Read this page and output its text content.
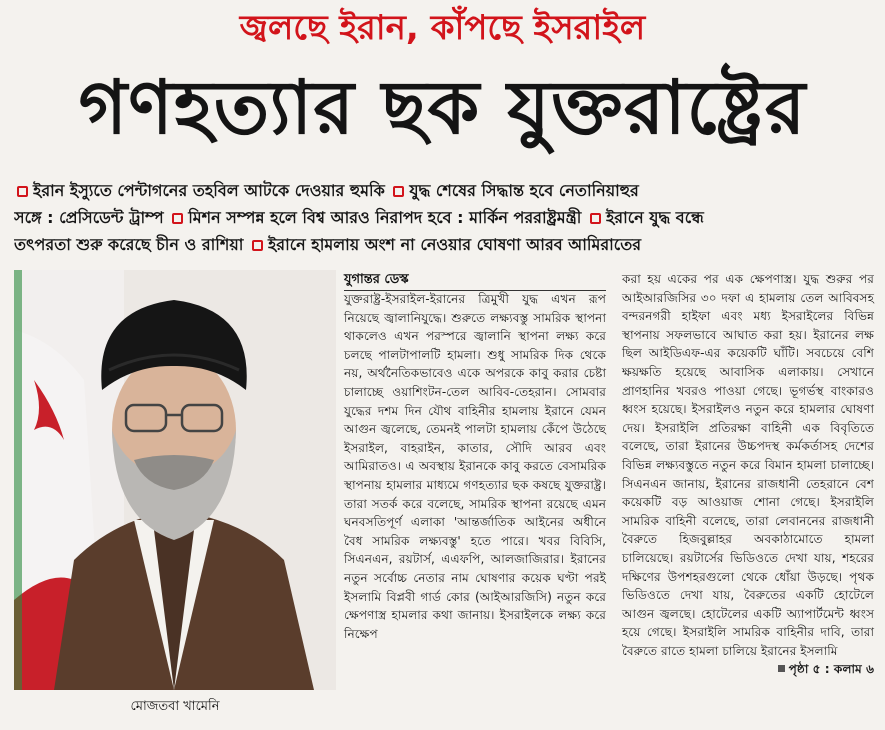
জ্বলছে ইরান, কাঁপছে ইসরাইল
গণহত্যার ছক যুক্তরাষ্ট্রের
ইরান ইস্যুতে পেন্টাগনের তহবিল আটকে দেওয়ার হুমকি যুদ্ধ শেষের সিদ্ধান্ত হবে নেতানিয়াহুর
সঙ্গে : প্রেসিডেন্ট ট্রাম্প মিশন সম্পন্ন হলে বিশ্ব আরও নিরাপদ হবে : মার্কিন পররাষ্ট্রমন্ত্রী ইরানে যুদ্ধ বন্ধে
তৎপরতা শুরু করেছে চীন ও রাশিয়া ইরানে হামলায় অংশ না নেওয়ার ঘোষণা আরব আমিরাতের
মোজতবা খামেনি
যুগান্তর ডেস্ক

যুক্তরাষ্ট্র-ইসরাইল-ইরানের ত্রিমুখী যুদ্ধ এখন রূপ নিয়েছে জ্বালানিযুদ্ধে। শুরুতে লক্ষ্যবস্তু সামরিক স্থাপনা থাকলেও এখন পরস্পরে জ্বালানি স্থাপনা লক্ষ্য করে চলছে পালটাপালটি হামলা। শুধু সামরিক দিক থেকে নয়, অর্থনৈতিকভাবেও একে অপরকে কাবু করার চেষ্টা চালাচ্ছে ওয়াশিংটন-তেল আবিব-তেহরান। সোমবার যুদ্ধের দশম দিন যৌথ বাহিনীর হামলায় ইরানে যেমন আগুন জ্বলেছে, তেমনই পালটা হামলায় কেঁপে উঠেছে ইসরাইল, বাহরাইন, কাতার, সৌদি আরব এবং আমিরাতও। এ অবস্থায় ইরানকে কাবু করতে বেসামরিক স্থাপনায় হামলার মাধ্যমে গণহত্যার ছক কষছে যুক্তরাষ্ট্র। তারা সতর্ক করে বলেছে, সামরিক স্থাপনা রয়েছে এমন ঘনবসতিপূর্ণ এলাকা 'আন্তর্জাতিক আইনের অধীনে বৈধ সামরিক লক্ষ্যবস্তু' হতে পারে। খবর বিবিসি, সিএনএন, রয়টার্স, এএফপি, আলজাজিরার। ইরানের নতুন সর্বোচ্চ নেতার নাম ঘোষণার কয়েক ঘণ্টা পরই ইসলামি বিপ্লবী গার্ড কোর (আইআরজিসি) নতুন করে ক্ষেপণাস্ত্র হামলার কথা জানায়। ইসরাইলকে লক্ষ্য করে নিক্ষেপ

করা হয় একের পর এক ক্ষেপণাস্ত্র। যুদ্ধ শুরুর পর আইআরজিসির ৩০ দফা এ হামলায় তেল আবিবসহ বন্দরনগরী হাইফা এবং মধ্য ইসরাইলের বিভিন্ন স্থাপনায় সফলভাবে আঘাত করা হয়। ইরানের লক্ষ ছিল আইডিএফ-এর কয়েকটি ঘাঁটি। সবচেয়ে বেশি ক্ষয়ক্ষতি হয়েছে আবাসিক এলাকায়। সেখানে প্রাণহানির খবরও পাওয়া গেছে। ভূগর্ভস্থ বাংকারও ধ্বংস হয়েছে। ইসরাইলও নতুন করে হামলার ঘোষণা দেয়। ইসরাইলি প্রতিরক্ষা বাহিনী এক বিবৃতিতে বলেছে, তারা ইরানের উচ্চপদস্থ কর্মকর্তাসহ দেশের বিভিন্ন লক্ষ্যবস্তুতে নতুন করে বিমান হামলা চালাচ্ছে। সিএনএন জানায়, ইরানের রাজধানী তেহরানে বেশ কয়েকটি বড় আওয়াজ শোনা গেছে। ইসরাইলি সামরিক বাহিনী বলেছে, তারা লেবাননের রাজধানী বৈরুতে হিজবুল্লাহর অবকাঠামোতে হামলা চালিয়েছে। রয়টার্সের ভিডিওতে দেখা যায়, শহরের দক্ষিণের উপশহরগুলো থেকে ধোঁয়া উড়ছে। পৃথক ভিডিওতে দেখা যায়, বৈরুতের একটি হোটেলে আগুন জ্বলছে। হোটেলের একটি অ্যাপার্টমেন্ট ধ্বংস হয়ে গেছে। ইসরাইলি সামরিক বাহিনীর দাবি, তারা বৈরুতে রাতে হামলা চালিয়ে ইরানের ইসলামি

পৃষ্ঠা ৫ : কলাম ৬
